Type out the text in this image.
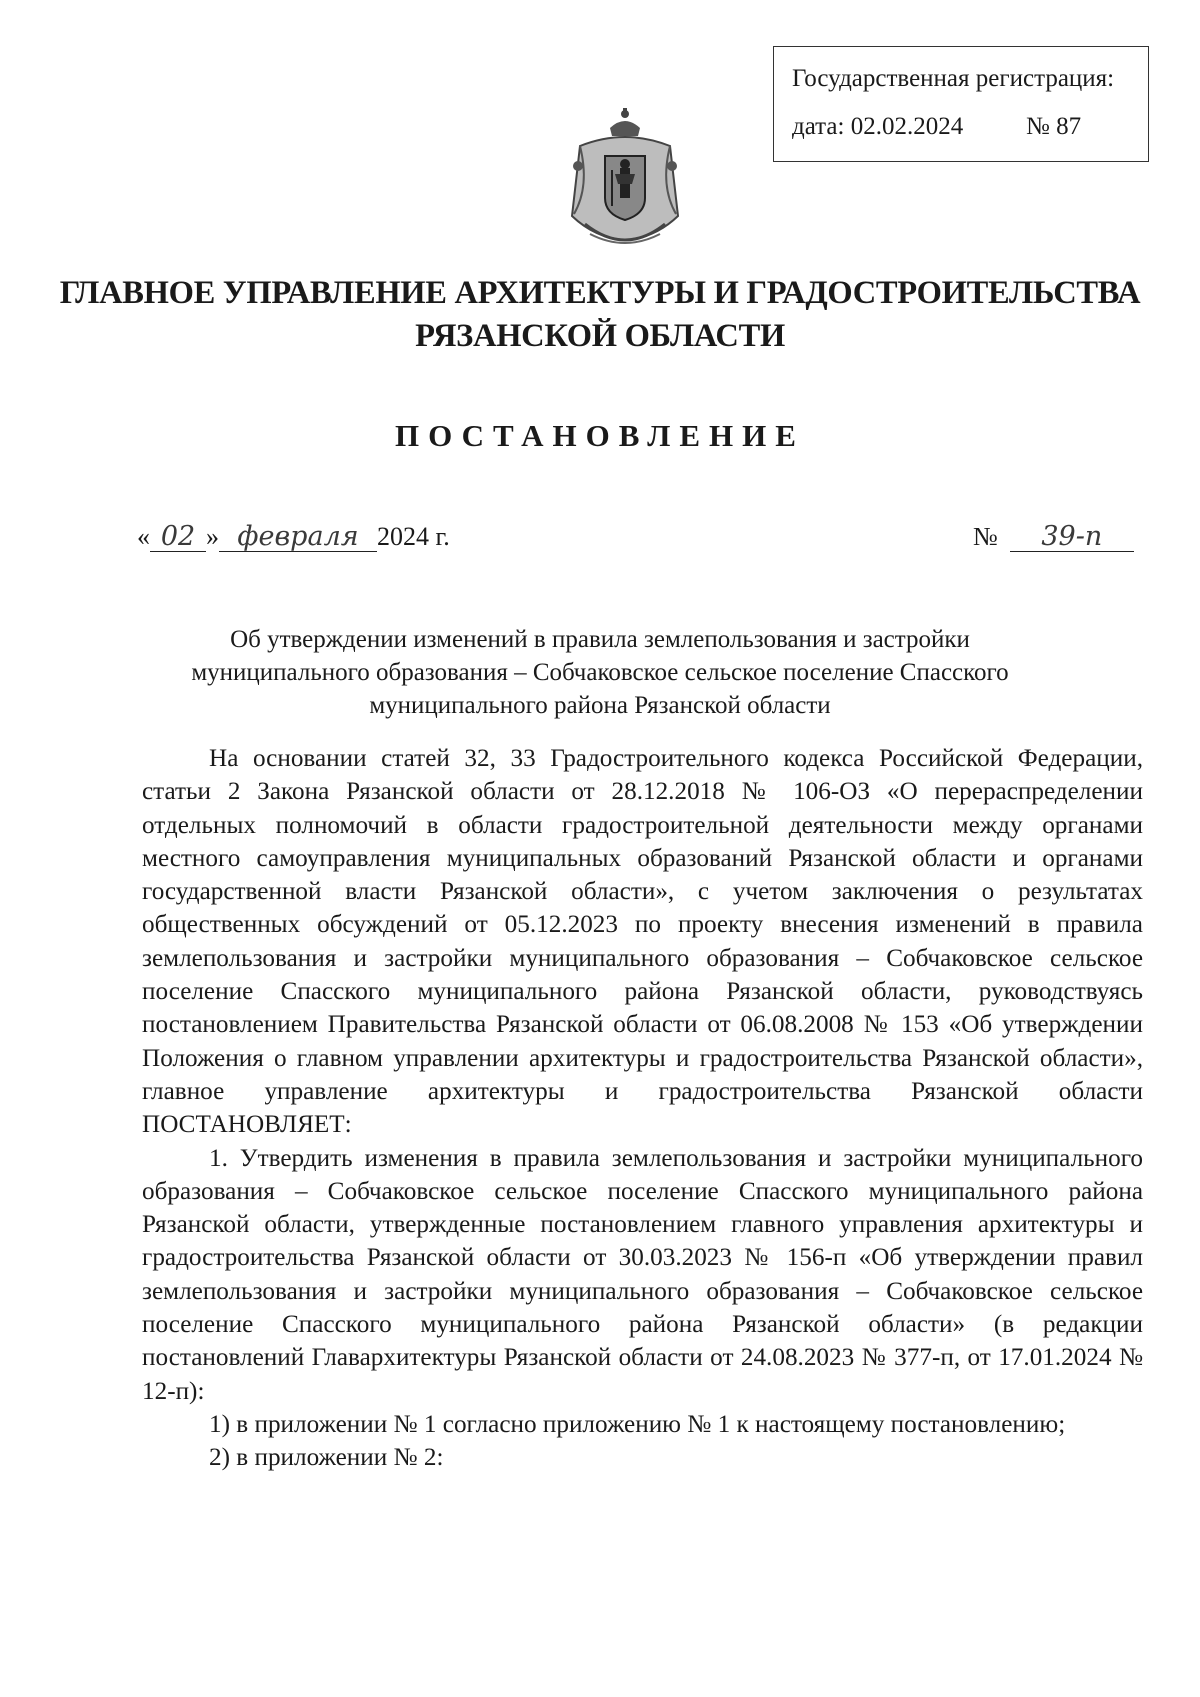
Государственная регистрация:
дата: 02.02.2024	№ 87
ГЛАВНОЕ УПРАВЛЕНИЕ АРХИТЕКТУРЫ И ГРАДОСТРОИТЕЛЬСТВА
РЯЗАНСКОЙ ОБЛАСТИ
ПОСТАНОВЛЕНИЕ
« 02 » февраля 2024 г.	№ 39-п
Об утверждении изменений в правила землепользования и застройки
муниципального образования – Собчаковское сельское поселение Спасского
муниципального района Рязанской области

На основании статей 32, 33 Градостроительного кодекса Российской Федерации, статьи 2 Закона Рязанской области от 28.12.2018 № 106-ОЗ «О перераспределении отдельных полномочий в области градостроительной деятельности между органами местного самоуправления муниципальных образований Рязанской области и органами государственной власти Рязанской области», с учетом заключения о результатах общественных обсуждений от 05.12.2023 по проекту внесения изменений в правила землепользования и застройки муниципального образования – Собчаковское сельское поселение Спасского муниципального района Рязанской области, руководствуясь постановлением Правительства Рязанской области от 06.08.2008 № 153 «Об утверждении Положения о главном управлении архитектуры и градостроительства Рязанской области», главное управление архитектуры и градостроительства Рязанской области ПОСТАНОВЛЯЕТ:

1. Утвердить изменения в правила землепользования и застройки муниципального образования – Собчаковское сельское поселение Спасского муниципального района Рязанской области, утвержденные постановлением главного управления архитектуры и градостроительства Рязанской области от 30.03.2023 № 156-п «Об утверждении правил землепользования и застройки муниципального образования – Собчаковское сельское поселение Спасского муниципального района Рязанской области» (в редакции постановлений Главархитектуры Рязанской области от 24.08.2023 № 377-п, от 17.01.2024 № 12-п):

1) в приложении № 1 согласно приложению № 1 к настоящему постановлению;

2) в приложении № 2:
